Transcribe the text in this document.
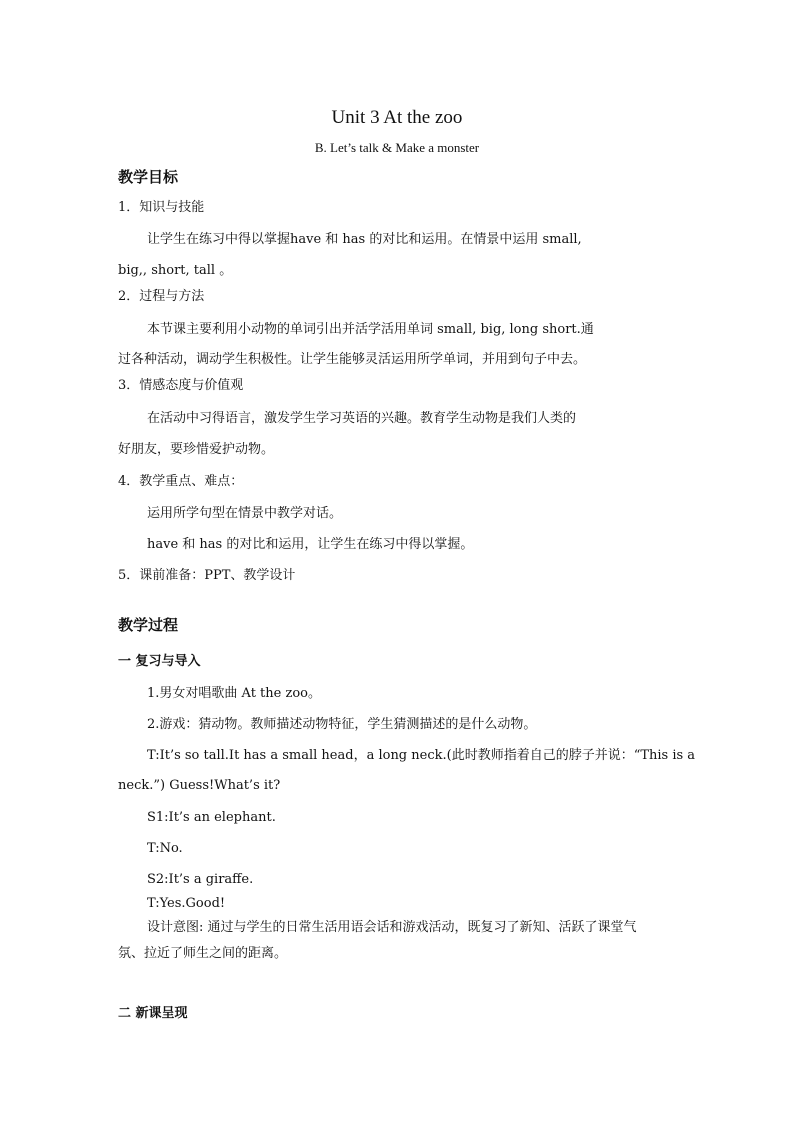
Unit 3 At the zoo
B. Let’s talk & Make a monster
教学目标
1．知识与技能
让学生在练习中得以掌握have 和 has 的对比和运用。在情景中运用 small,
big,, short, tall 。
2．过程与方法
本节课主要利用小动物的单词引出并活学活用单词 small, big, long short.通
过各种活动，调动学生积极性。让学生能够灵活运用所学单词，并用到句子中去。
3．情感态度与价值观
在活动中习得语言，激发学生学习英语的兴趣。教育学生动物是我们人类的
好朋友，要珍惜爱护动物。
4．教学重点、难点：
运用所学句型在情景中教学对话。
have 和 has 的对比和运用，让学生在练习中得以掌握。
5．课前准备：PPT、教学设计
教学过程
一 复习与导入
1.男女对唱歌曲 At the zoo。
2.游戏：猜动物。教师描述动物特征，学生猜测描述的是什么动物。
T:It’s so tall.It has a small head，a long neck.(此时教师指着自己的脖子并说：“This is a
neck.”) Guess!What’s it?
S1:It’s an elephant.
T:No.
S2:It’s a giraffe.
T:Yes.Good!
设计意图: 通过与学生的日常生活用语会话和游戏活动，既复习了新知、活跃了课堂气
氛、拉近了师生之间的距离。
二 新课呈现
